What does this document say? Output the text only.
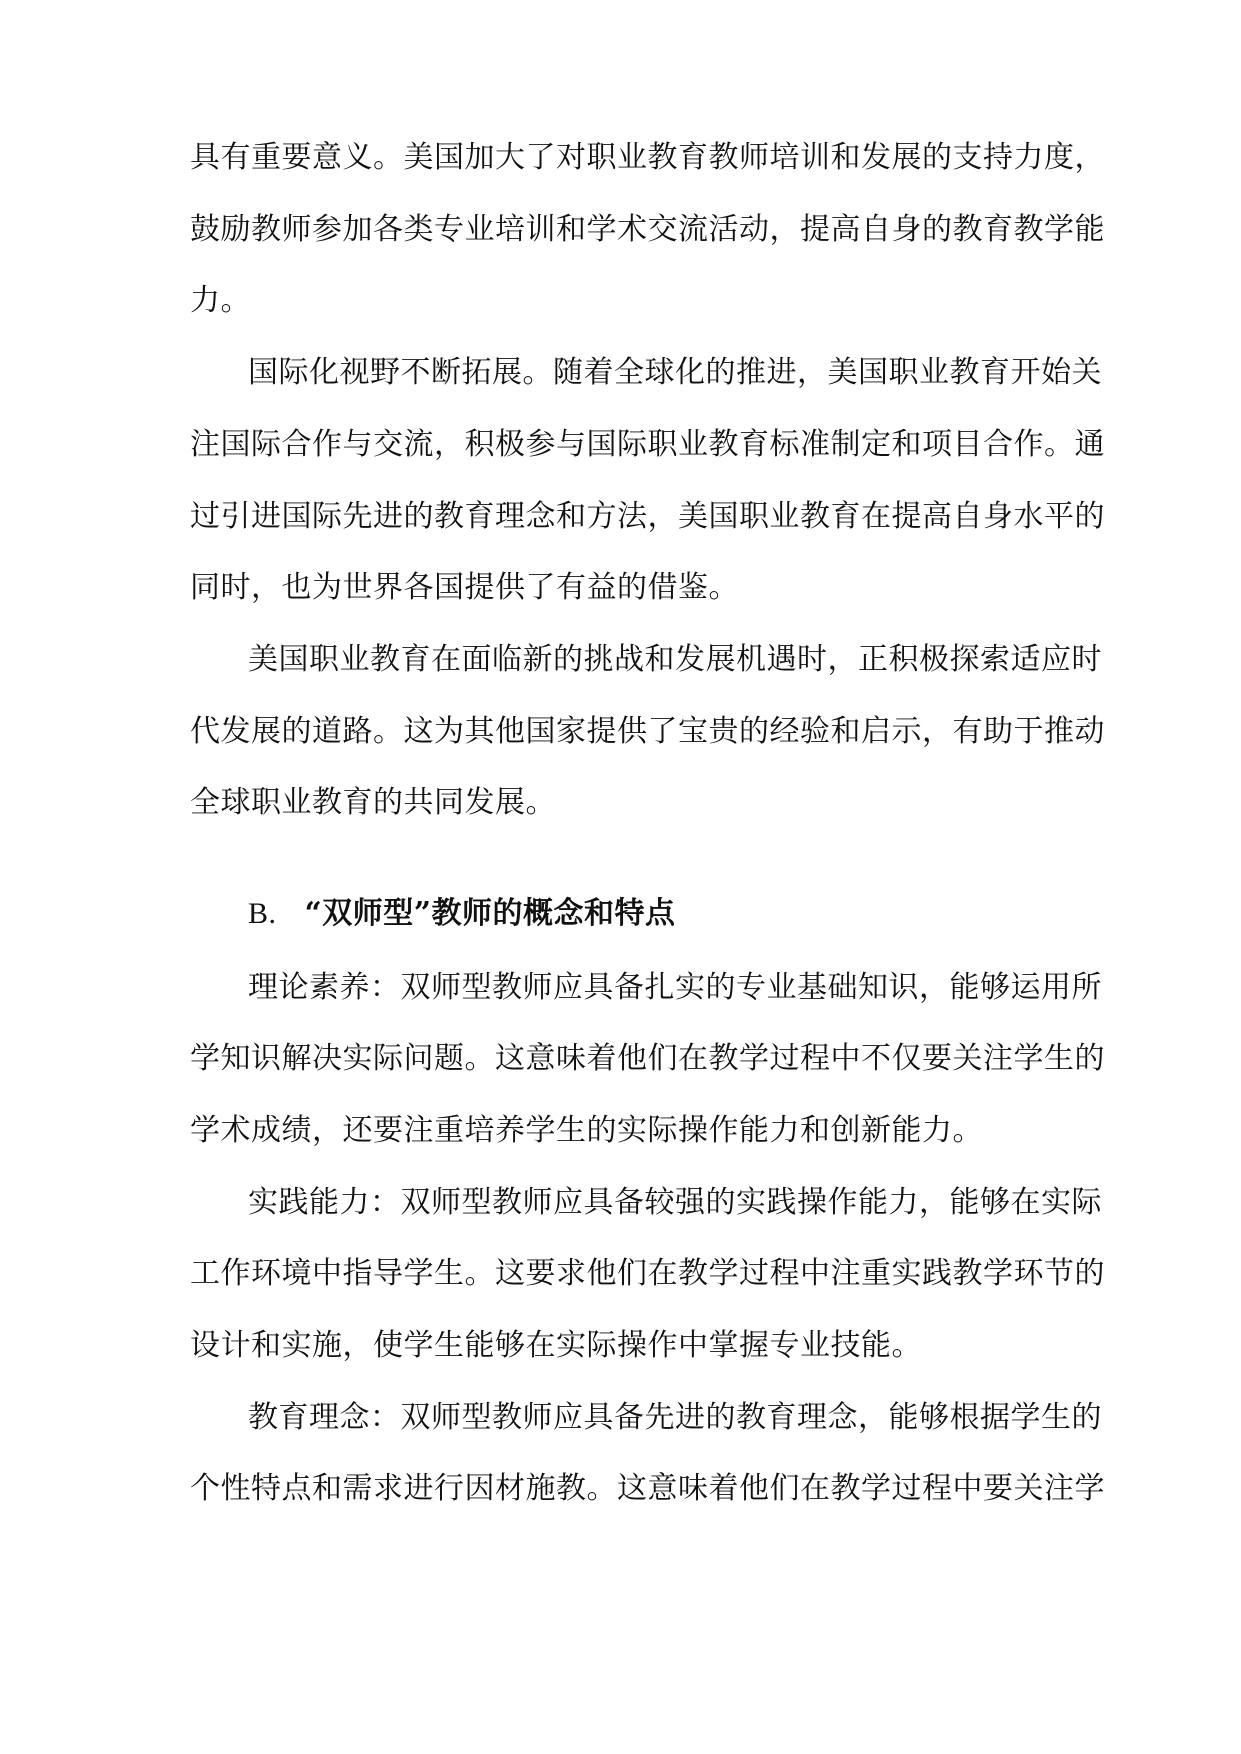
具有重要意义。美国加大了对职业教育教师培训和发展的支持力度，
鼓励教师参加各类专业培训和学术交流活动，提高自身的教育教学能
力。
国际化视野不断拓展。随着全球化的推进，美国职业教育开始关
注国际合作与交流，积极参与国际职业教育标准制定和项目合作。通
过引进国际先进的教育理念和方法，美国职业教育在提高自身水平的
同时，也为世界各国提供了有益的借鉴。
美国职业教育在面临新的挑战和发展机遇时，正积极探索适应时
代发展的道路。这为其他国家提供了宝贵的经验和启示，有助于推动
全球职业教育的共同发展。
B. “双师型”教师的概念和特点
理论素养：双师型教师应具备扎实的专业基础知识，能够运用所
学知识解决实际问题。这意味着他们在教学过程中不仅要关注学生的
学术成绩，还要注重培养学生的实际操作能力和创新能力。
实践能力：双师型教师应具备较强的实践操作能力，能够在实际
工作环境中指导学生。这要求他们在教学过程中注重实践教学环节的
设计和实施，使学生能够在实际操作中掌握专业技能。
教育理念：双师型教师应具备先进的教育理念，能够根据学生的
个性特点和需求进行因材施教。这意味着他们在教学过程中要关注学
